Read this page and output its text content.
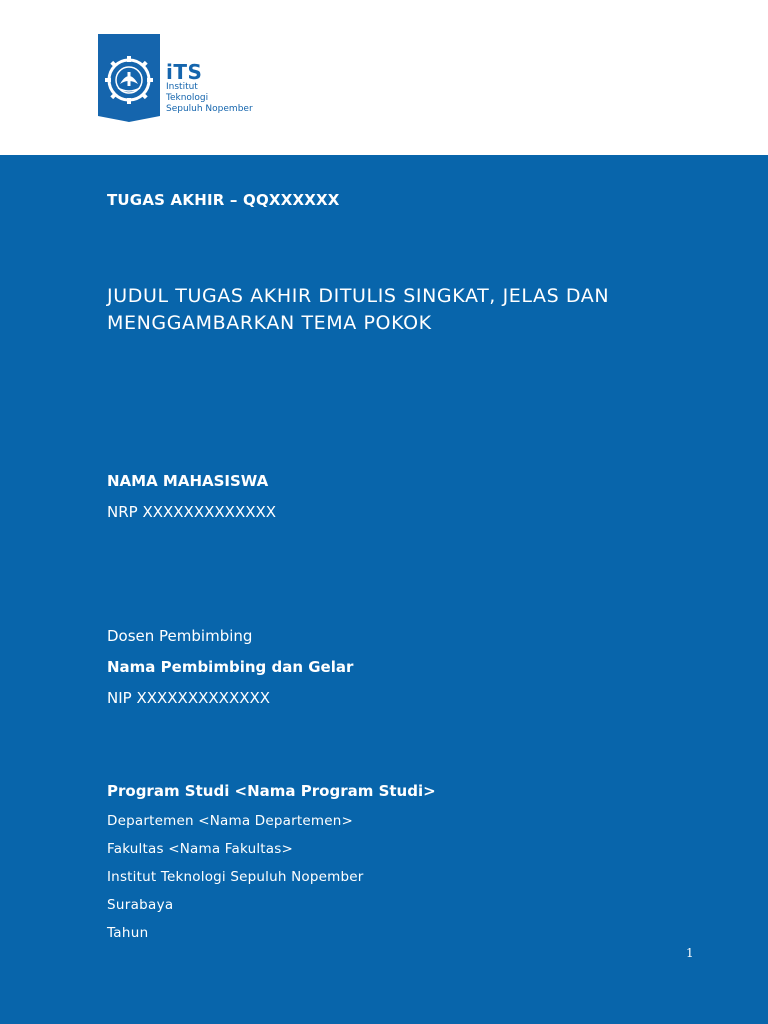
iTS
Institut
Teknologi
Sepuluh Nopember
TUGAS AKHIR – QQXXXXXX
JUDUL TUGAS AKHIR DITULIS SINGKAT, JELAS DAN MENGGAMBARKAN TEMA POKOK
NAMA MAHASISWA
NRP XXXXXXXXXXXXX
Dosen Pembimbing
Nama Pembimbing dan Gelar
NIP XXXXXXXXXXXXX
Program Studi <Nama Program Studi>
Departemen <Nama Departemen>
Fakultas <Nama Fakultas>
Institut Teknologi Sepuluh Nopember
Surabaya
Tahun
1
